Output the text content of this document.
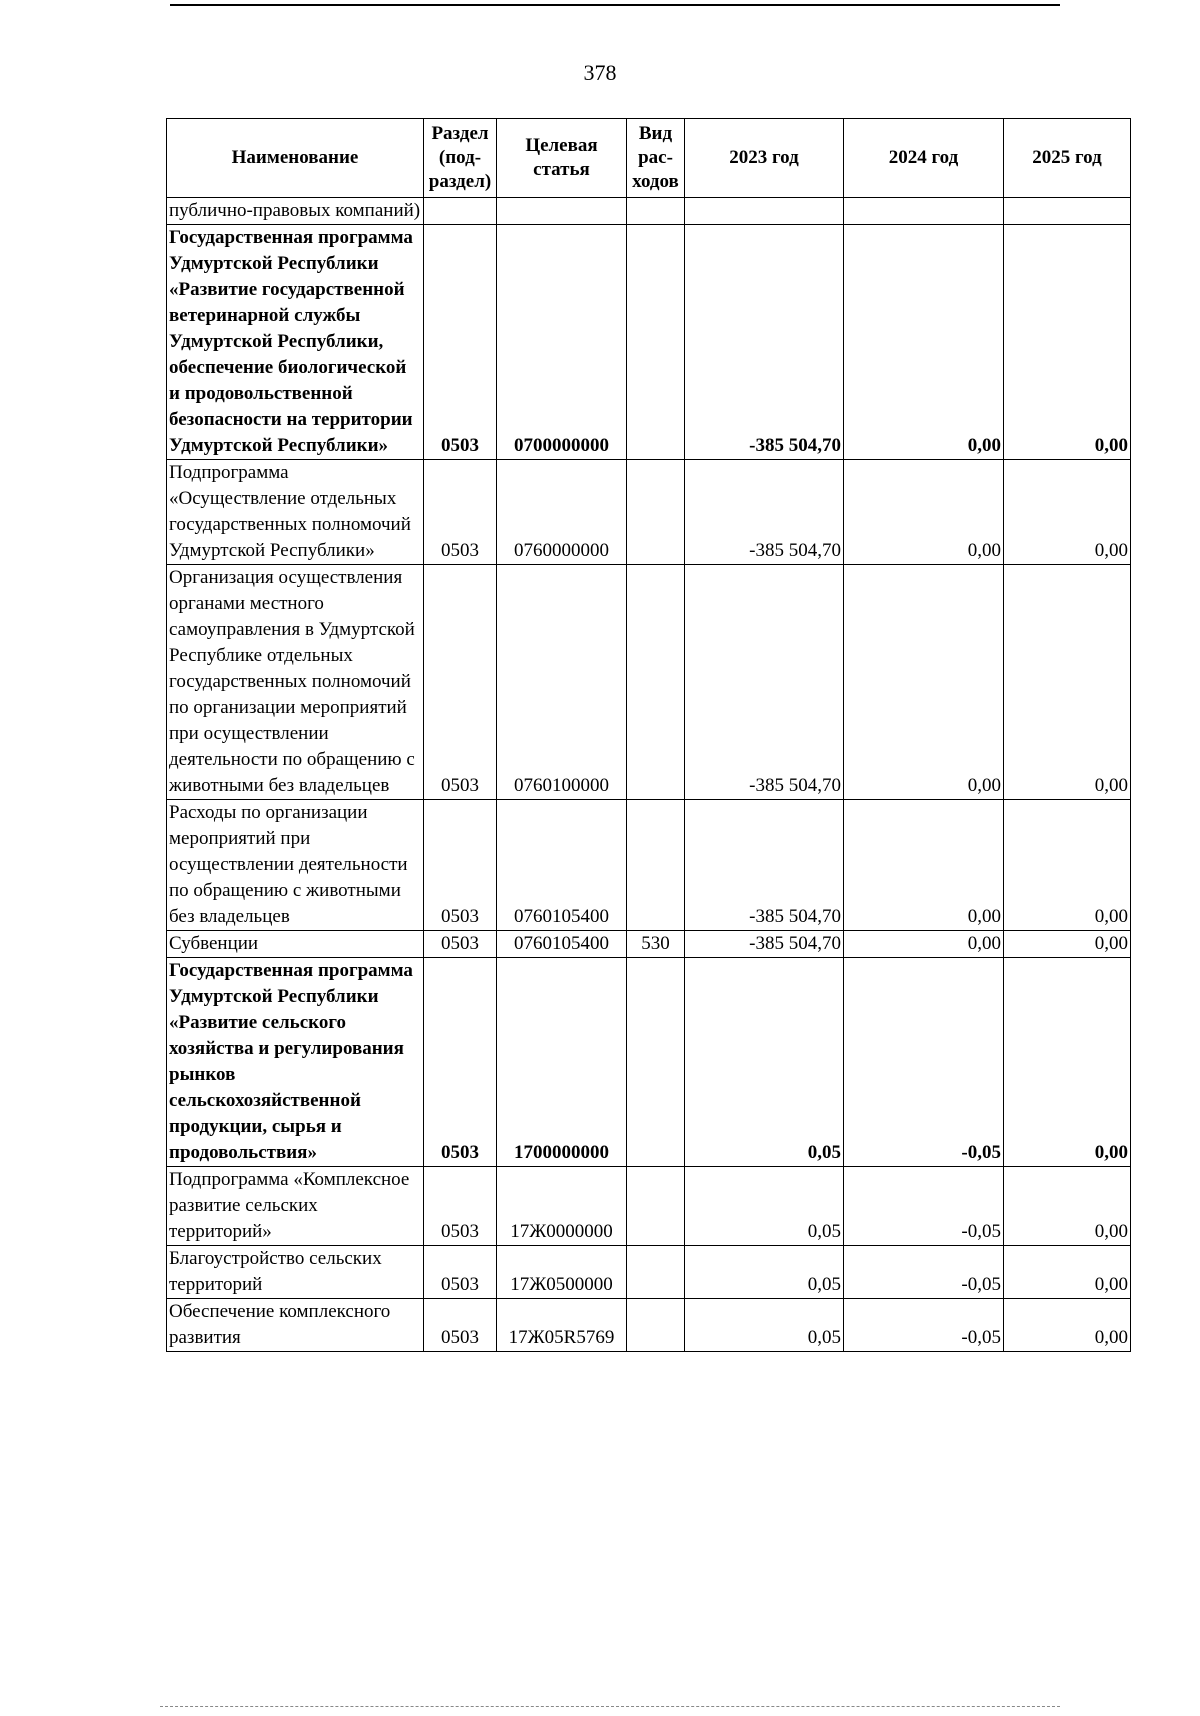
378
Наименование	Раздел (под-раздел)	Целевая статья	Вид рас-ходов	2023 год	2024 год	2025 год
публично-правовых компаний)						
Государственная программа Удмуртской Республики «Развитие государственной ветеринарной службы Удмуртской Республики, обеспечение биологической и продовольственной безопасности на территории Удмуртской Республики»	0503	0700000000		-385 504,70	0,00	0,00
Подпрограмма «Осуществление отдельных государственных полномочий Удмуртской Республики»	0503	0760000000		-385 504,70	0,00	0,00
Организация осуществления органами местного самоуправления в Удмуртской Республике отдельных государственных полномочий по организации мероприятий при осуществлении деятельности по обращению с животными без владельцев	0503	0760100000		-385 504,70	0,00	0,00
Расходы по организации мероприятий при осуществлении деятельности по обращению с животными без владельцев	0503	0760105400		-385 504,70	0,00	0,00
Субвенции	0503	0760105400	530	-385 504,70	0,00	0,00
Государственная программа Удмуртской Республики «Развитие сельского хозяйства и регулирования рынков сельскохозяйственной продукции, сырья и продовольствия»	0503	1700000000		0,05	-0,05	0,00
Подпрограмма «Комплексное развитие сельских территорий»	0503	17Ж0000000		0,05	-0,05	0,00
Благоустройство сельских территорий	0503	17Ж0500000		0,05	-0,05	0,00
Обеспечение комплексного развития	0503	17Ж05R5769		0,05	-0,05	0,00
